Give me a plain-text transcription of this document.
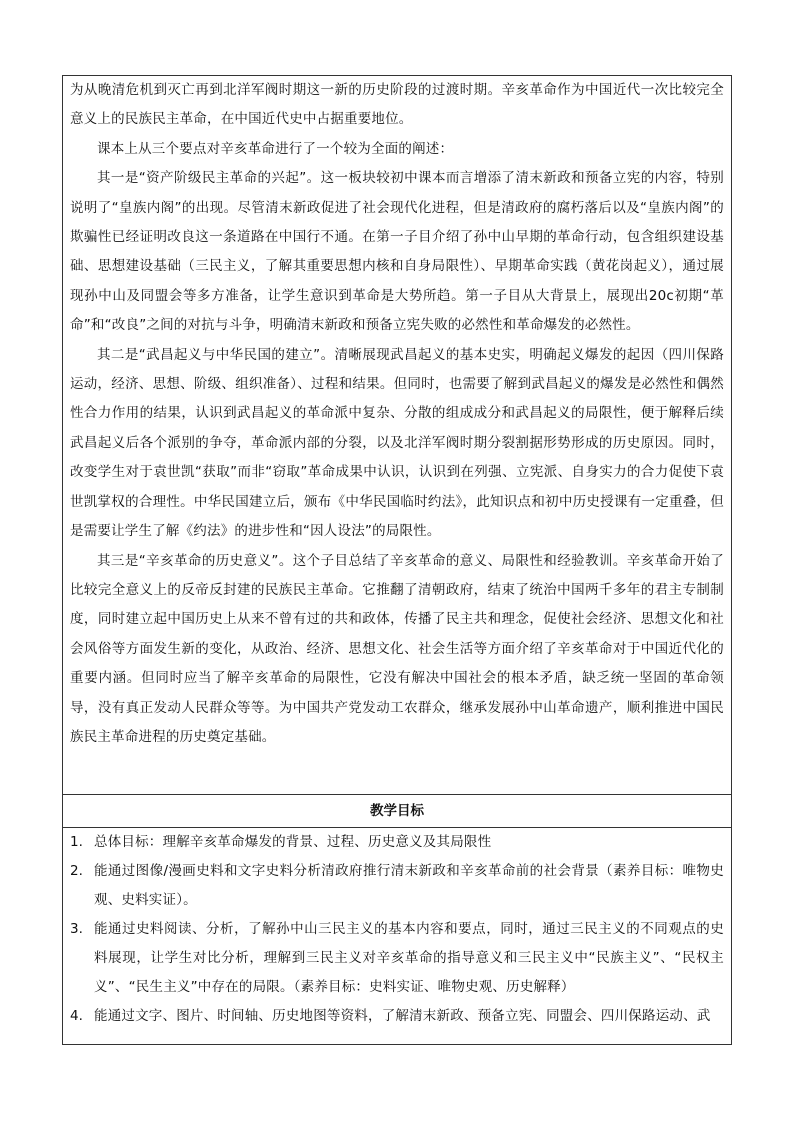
为从晚清危机到灭亡再到北洋军阀时期这一新的历史阶段的过渡时期。辛亥革命作为中国近代一次比较完全意义上的民族民主革命，在中国近代史中占据重要地位。

课本上从三个要点对辛亥革命进行了一个较为全面的阐述：

其一是“资产阶级民主革命的兴起”。这一板块较初中课本而言增添了清末新政和预备立宪的内容，特别说明了“皇族内阁”的出现。尽管清末新政促进了社会现代化进程，但是清政府的腐朽落后以及“皇族内阁”的欺骗性已经证明改良这一条道路在中国行不通。在第一子目介绍了孙中山早期的革命行动，包含组织建设基础、思想建设基础（三民主义，了解其重要思想内核和自身局限性）、早期革命实践（黄花岗起义），通过展现孙中山及同盟会等多方准备，让学生意识到革命是大势所趋。第一子目从大背景上，展现出20c初期“革命”和“改良”之间的对抗与斗争，明确清末新政和预备立宪失败的必然性和革命爆发的必然性。

其二是“武昌起义与中华民国的建立”。清晰展现武昌起义的基本史实，明确起义爆发的起因（四川保路运动，经济、思想、阶级、组织准备）、过程和结果。但同时，也需要了解到武昌起义的爆发是必然性和偶然性合力作用的结果，认识到武昌起义的革命派中复杂、分散的组成成分和武昌起义的局限性，便于解释后续武昌起义后各个派别的争夺，革命派内部的分裂，以及北洋军阀时期分裂割据形势形成的历史原因。同时，改变学生对于袁世凯“获取”而非“窃取”革命成果中认识，认识到在列强、立宪派、自身实力的合力促使下袁世凯掌权的合理性。中华民国建立后，颁布《中华民国临时约法》，此知识点和初中历史授课有一定重叠，但是需要让学生了解《约法》的进步性和“因人设法”的局限性。

其三是“辛亥革命的历史意义”。这个子目总结了辛亥革命的意义、局限性和经验教训。辛亥革命开始了比较完全意义上的反帝反封建的民族民主革命。它推翻了清朝政府，结束了统治中国两千多年的君主专制制度，同时建立起中国历史上从来不曾有过的共和政体，传播了民主共和理念，促使社会经济、思想文化和社会风俗等方面发生新的变化，从政治、经济、思想文化、社会生活等方面介绍了辛亥革命对于中国近代化的重要内涵。但同时应当了解辛亥革命的局限性，它没有解决中国社会的根本矛盾，缺乏统一坚固的革命领导，没有真正发动人民群众等等。为中国共产党发动工农群众，继承发展孙中山革命遗产，顺利推进中国民族民主革命进程的历史奠定基础。

教学目标
1. 总体目标：理解辛亥革命爆发的背景、过程、历史意义及其局限性
2. 能通过图像/漫画史料和文字史料分析清政府推行清末新政和辛亥革命前的社会背景（素养目标：唯物史观、史料实证）。
3. 能通过史料阅读、分析，了解孙中山三民主义的基本内容和要点，同时，通过三民主义的不同观点的史料展现，让学生对比分析，理解到三民主义对辛亥革命的指导意义和三民主义中“民族主义”、“民权主义”、“民生主义”中存在的局限。（素养目标：史料实证、唯物史观、历史解释）
4. 能通过文字、图片、时间轴、历史地图等资料，了解清末新政、预备立宪、同盟会、四川保路运动、武
